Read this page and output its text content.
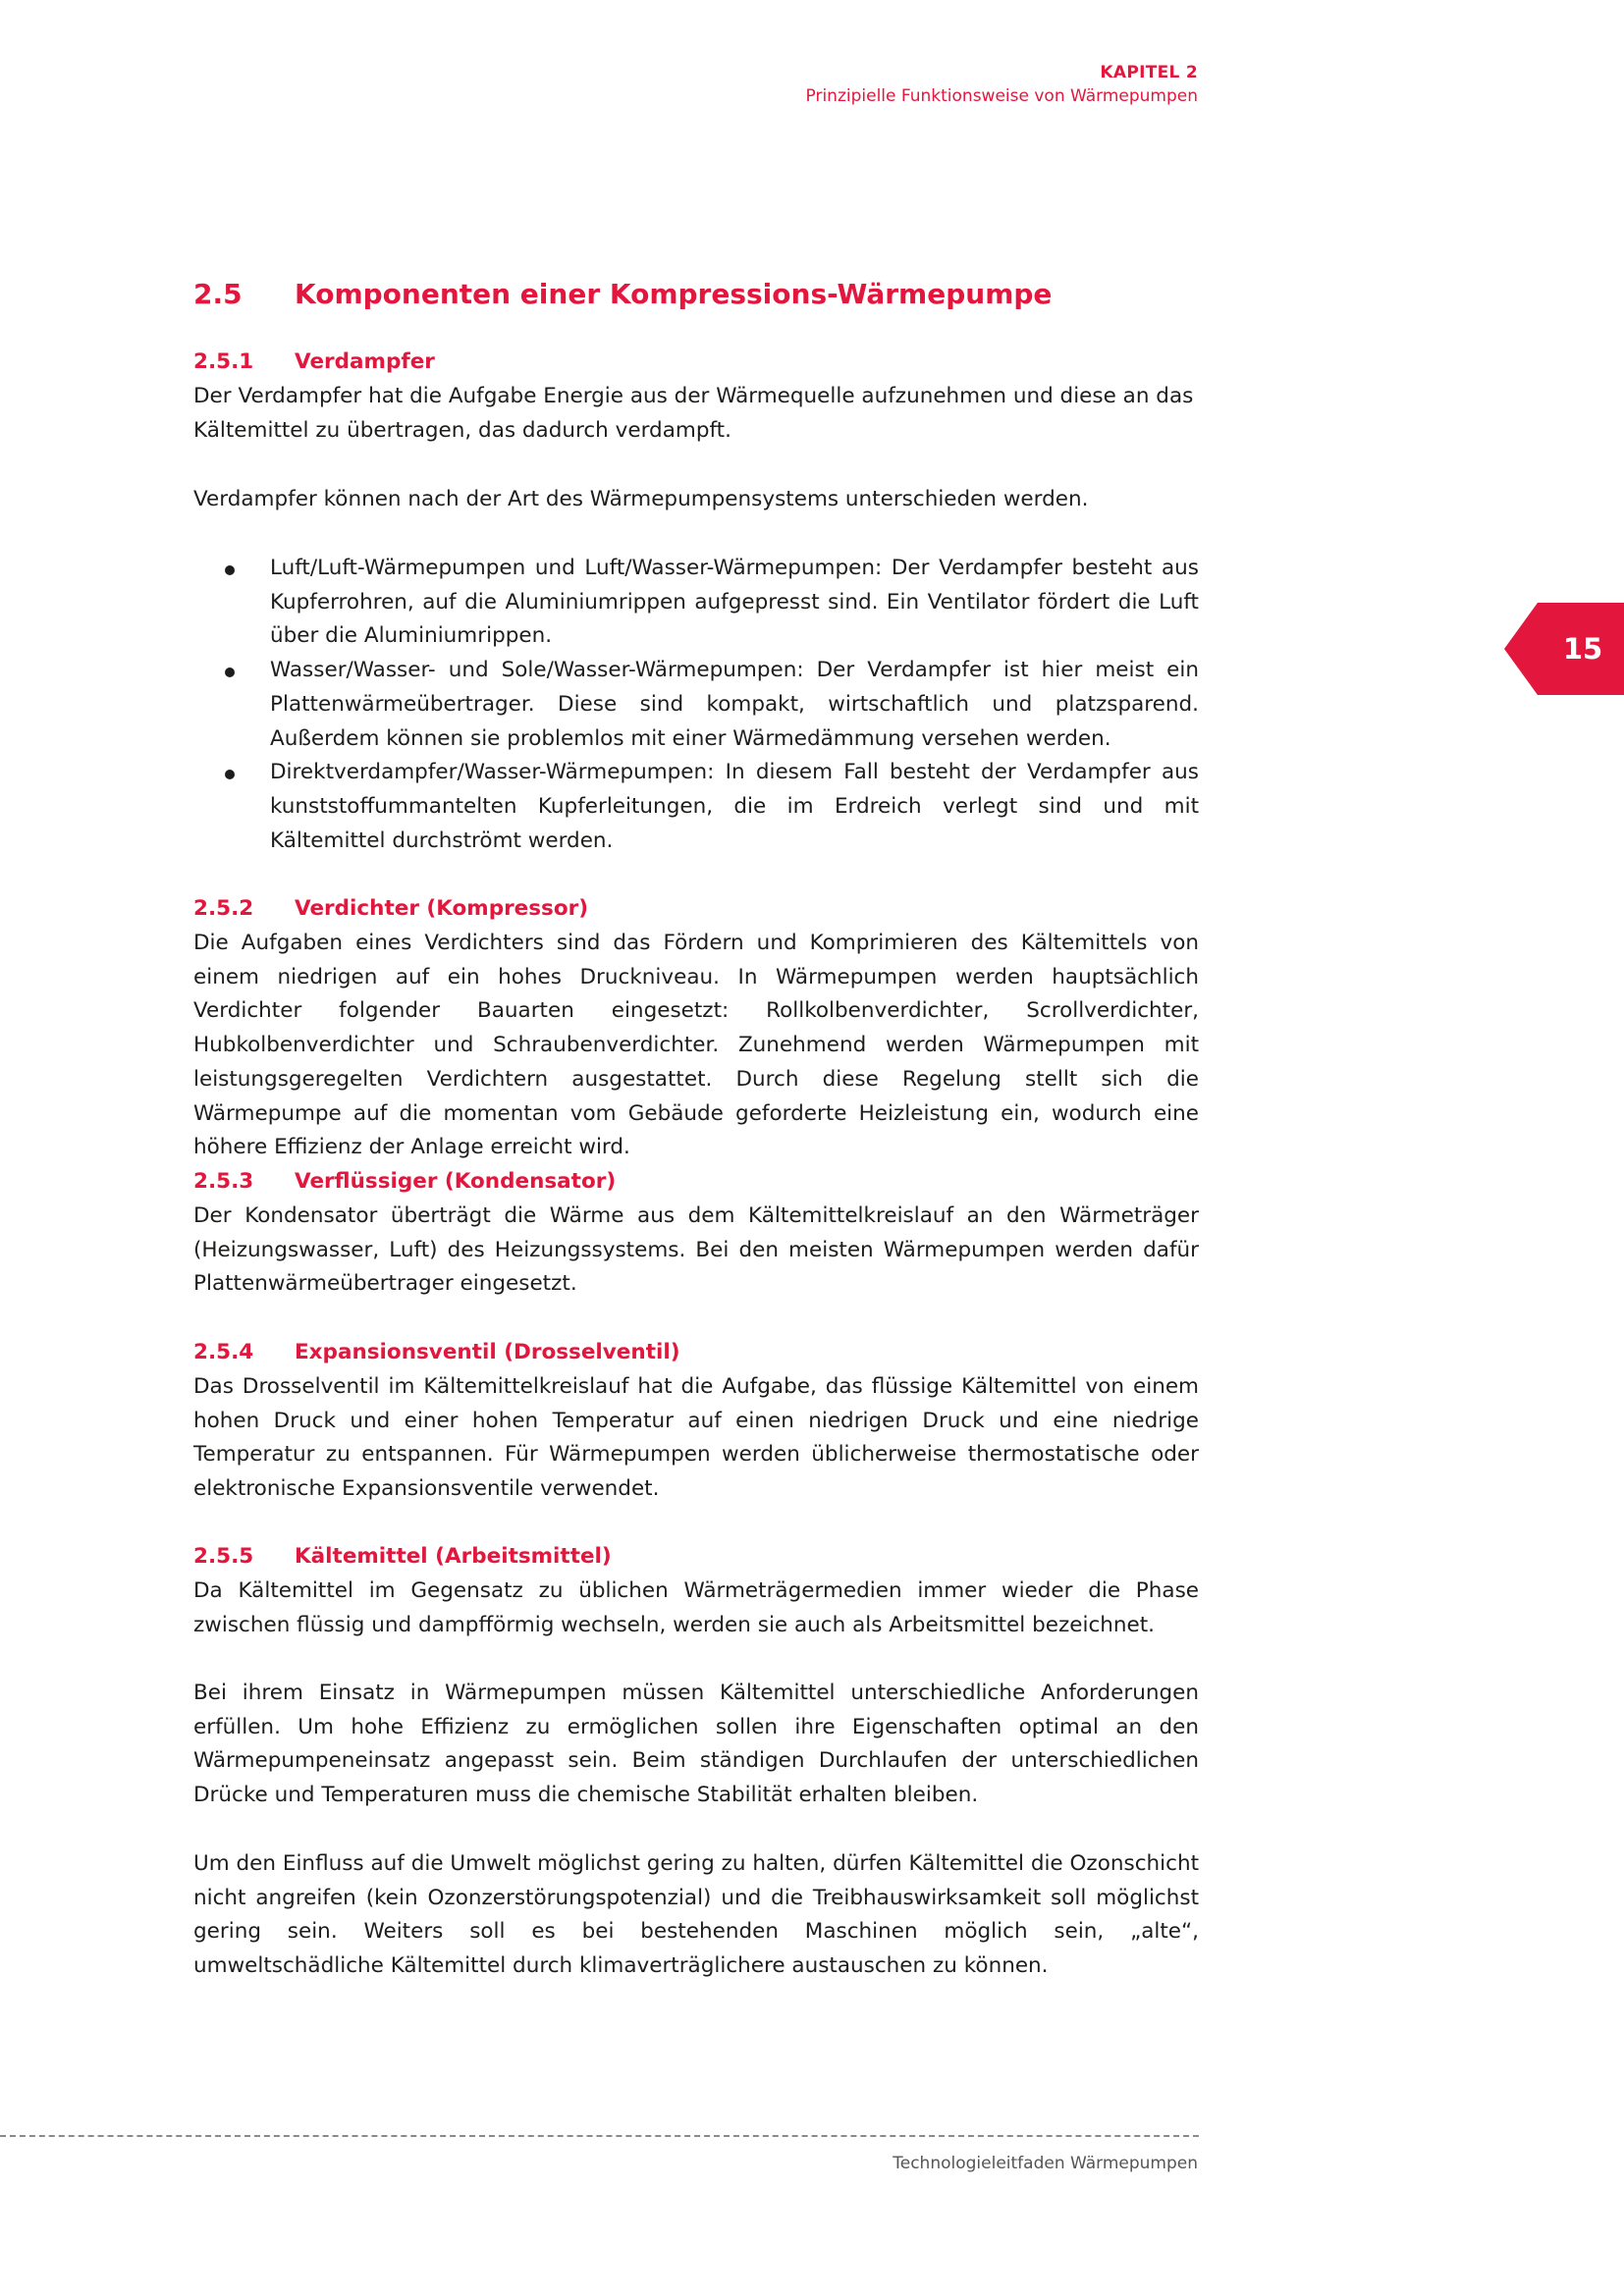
KAPITEL 2
Prinzipielle Funktionsweise von Wärmepumpen
15
2.5 Komponenten einer Kompressions-Wärmepumpe
2.5.1 Verdampfer
Der Verdampfer hat die Aufgabe Energie aus der Wärmequelle aufzunehmen und diese an das Kältemittel zu übertragen, das dadurch verdampft.
Verdampfer können nach der Art des Wärmepumpensystems unterschieden werden.
Luft/Luft-Wärmepumpen und Luft/Wasser-Wärmepumpen: Der Verdampfer besteht aus Kupferrohren, auf die Aluminiumrippen aufgepresst sind. Ein Ventilator fördert die Luft über die Aluminiumrippen.
Wasser/Wasser- und Sole/Wasser-Wärmepumpen: Der Verdampfer ist hier meist ein Plattenwärmeübertrager. Diese sind kompakt, wirtschaftlich und platzsparend. Außerdem können sie problemlos mit einer Wärmedämmung versehen werden.
Direktverdampfer/Wasser-Wärmepumpen: In diesem Fall besteht der Verdampfer aus kunststoffummantelten Kupferleitungen, die im Erdreich verlegt sind und mit Kältemittel durchströmt werden.
2.5.2 Verdichter (Kompressor)
Die Aufgaben eines Verdichters sind das Fördern und Komprimieren des Kältemittels von einem niedrigen auf ein hohes Druckniveau. In Wärmepumpen werden hauptsächlich Verdichter folgender Bauarten eingesetzt: Rollkolbenverdichter, Scrollverdichter, Hubkolbenverdichter und Schraubenverdichter. Zunehmend werden Wärmepumpen mit leistungsgeregelten Verdichtern ausgestattet. Durch diese Regelung stellt sich die Wärmepumpe auf die momentan vom Gebäude geforderte Heizleistung ein, wodurch eine höhere Effizienz der Anlage erreicht wird.
2.5.3 Verflüssiger (Kondensator)
Der Kondensator überträgt die Wärme aus dem Kältemittelkreislauf an den Wärmeträger (Heizungswasser, Luft) des Heizungssystems. Bei den meisten Wärmepumpen werden dafür Plattenwärmeübertrager eingesetzt.
2.5.4 Expansionsventil (Drosselventil)
Das Drosselventil im Kältemittelkreislauf hat die Aufgabe, das flüssige Kältemittel von einem hohen Druck und einer hohen Temperatur auf einen niedrigen Druck und eine niedrige Temperatur zu entspannen. Für Wärmepumpen werden üblicherweise thermostatische oder elektronische Expansionsventile verwendet.
2.5.5 Kältemittel (Arbeitsmittel)
Da Kältemittel im Gegensatz zu üblichen Wärmeträgermedien immer wieder die Phase zwischen flüssig und dampfförmig wechseln, werden sie auch als Arbeitsmittel bezeichnet.
Bei ihrem Einsatz in Wärmepumpen müssen Kältemittel unterschiedliche Anforderungen erfüllen. Um hohe Effizienz zu ermöglichen sollen ihre Eigenschaften optimal an den Wärmepumpeneinsatz angepasst sein. Beim ständigen Durchlaufen der unterschiedlichen Drücke und Temperaturen muss die chemische Stabilität erhalten bleiben.
Um den Einfluss auf die Umwelt möglichst gering zu halten, dürfen Kältemittel die Ozonschicht nicht angreifen (kein Ozonzerstörungspotenzial) und die Treibhauswirksamkeit soll möglichst gering sein. Weiters soll es bei bestehenden Maschinen möglich sein, „alte“, umweltschädliche Kältemittel durch klimaverträglichere austauschen zu können.
Technologieleitfaden Wärmepumpen
